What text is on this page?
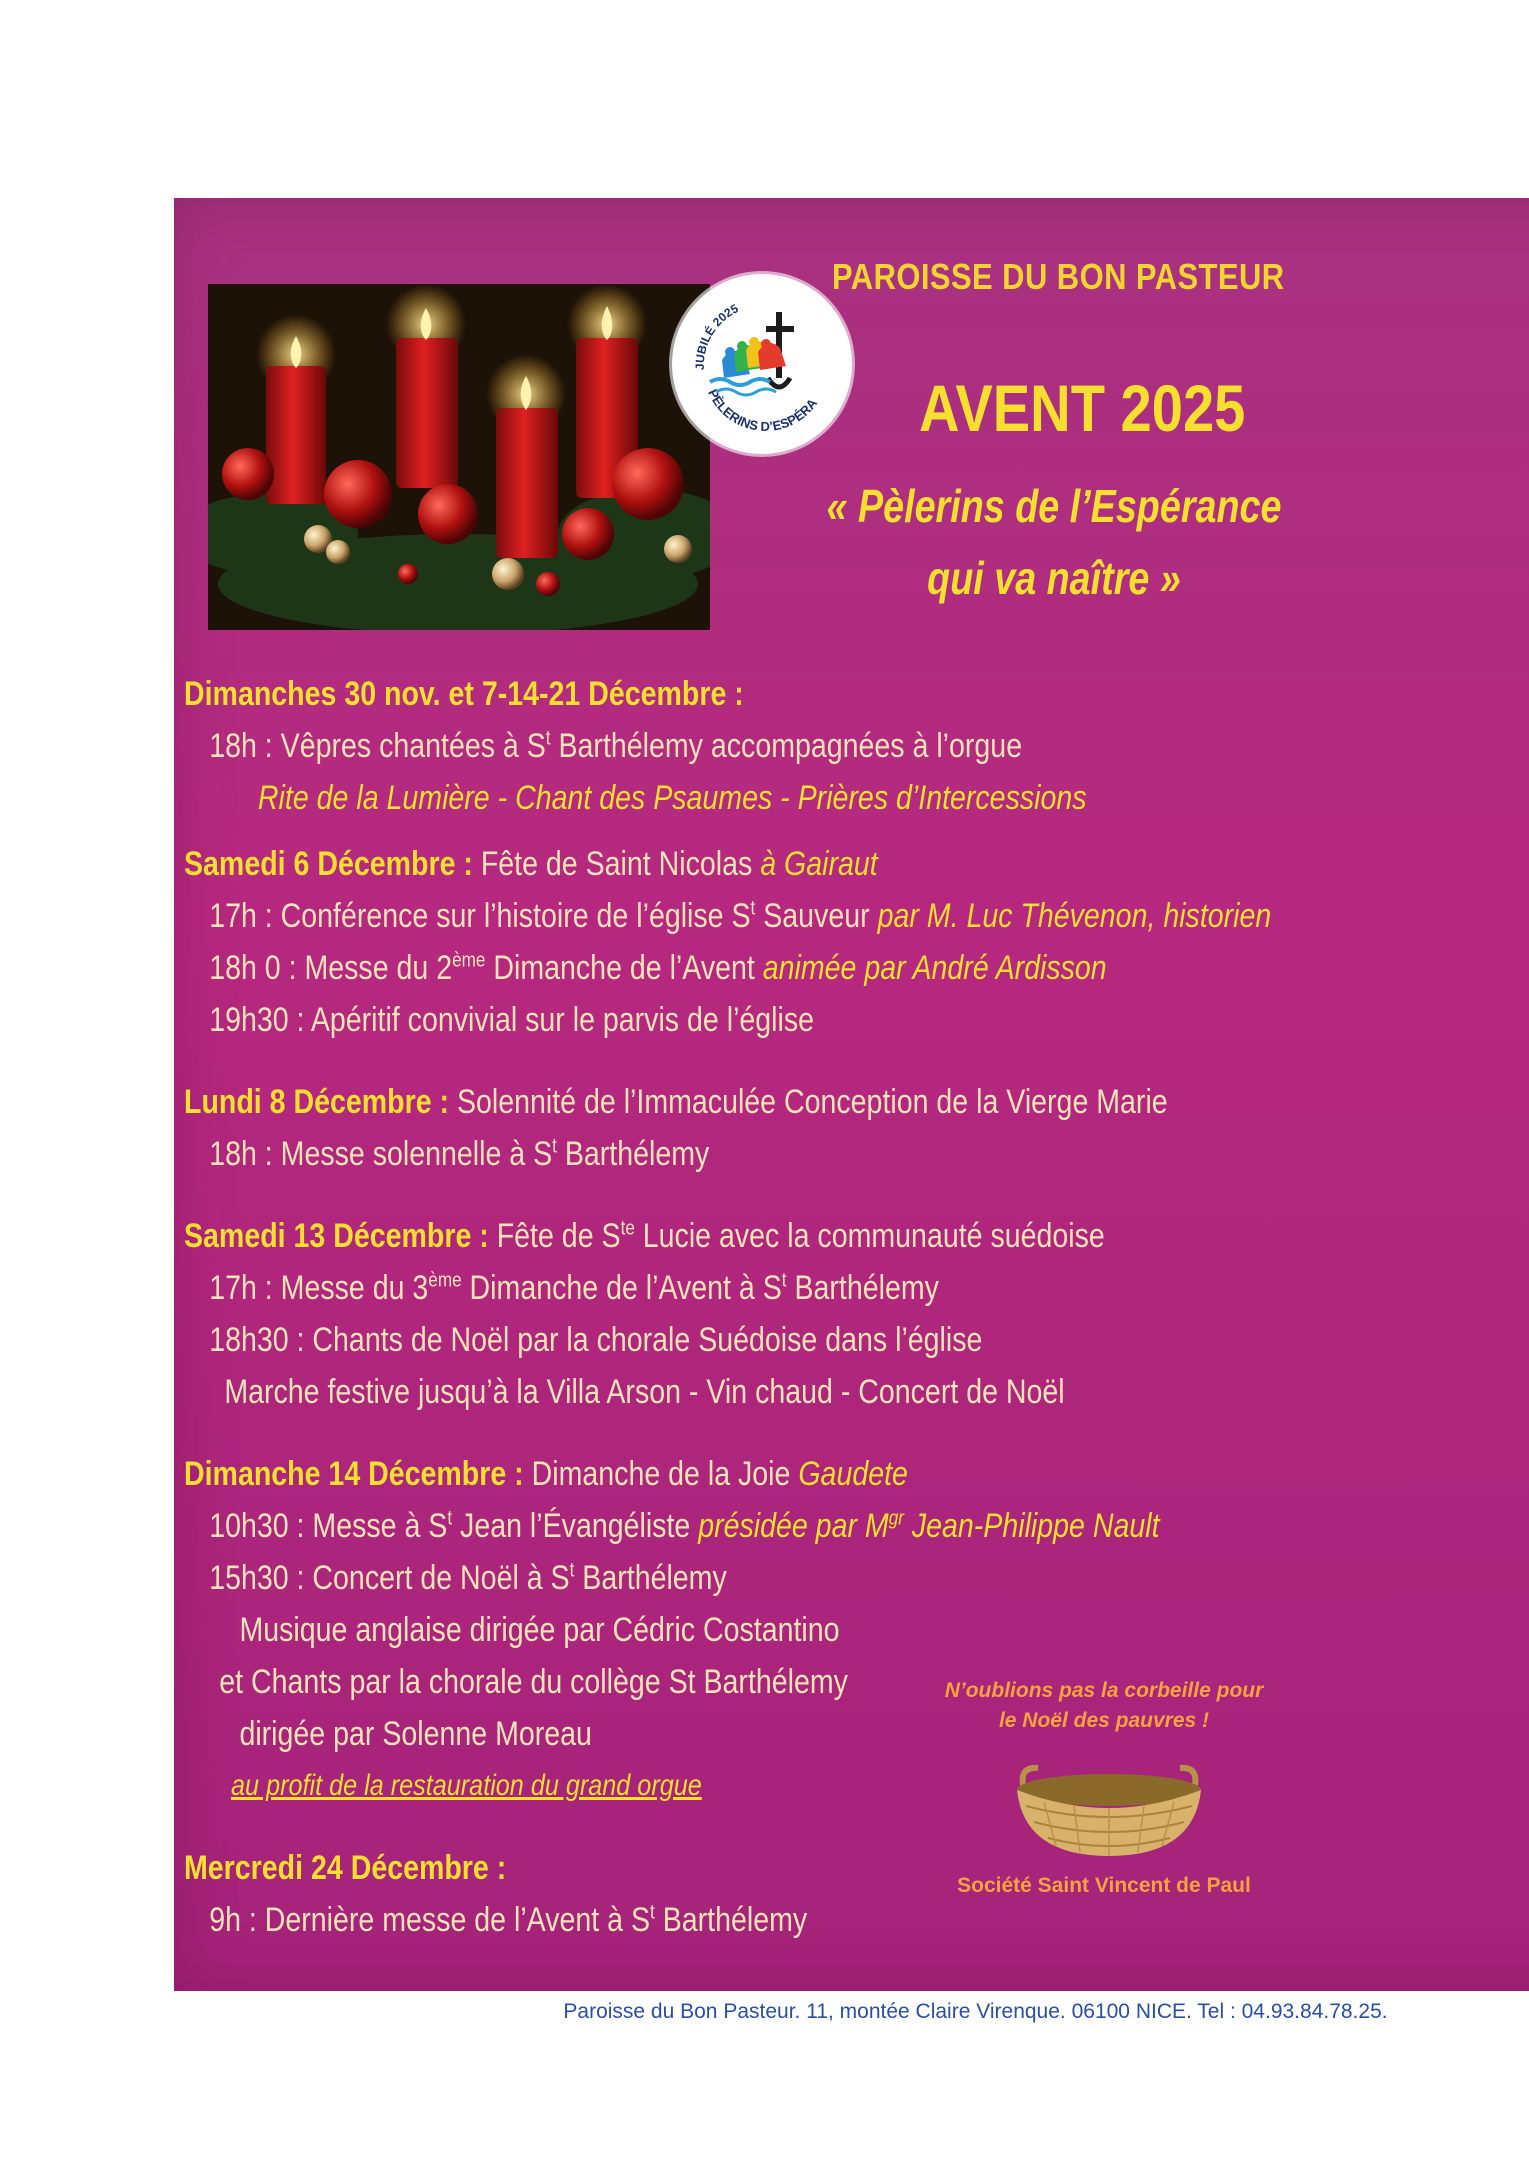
JUBILÉ 2025
PÈLERINS D’ESPÉRA
PAROISSE DU BON PASTEUR
AVENT 2025
« Pèlerins de l’Espérance
qui va naître »
Dimanches 30 nov. et 7-14-21 Décembre :
18h : Vêpres chantées à $S^t$ Barthélemy accompagnées à l’orgue
Rite de la Lumière - Chant des Psaumes - Prières d’Intercessions
Samedi 6 Décembre : Fête de Saint Nicolas à Gairaut
17h : Conférence sur l’histoire de l’église $S^t$ Sauveur par M. Luc Thévenon, historien
18h 0 : Messe du 2ème Dimanche de l’Avent animée par André Ardisson
19h30 : Apéritif convivial sur le parvis de l’église
Lundi 8 Décembre : Solennité de l’Immaculée Conception de la Vierge Marie
18h : Messe solennelle à $S^t$ Barthélemy
Samedi 13 Décembre : Fête de $S^{te}$ Lucie avec la communauté suédoise
17h : Messe du 3ème Dimanche de l’Avent à $S^t$ Barthélemy
18h30 : Chants de Noël par la chorale Suédoise dans l’église
Marche festive jusqu’à la Villa Arson - Vin chaud - Concert de Noël
Dimanche 14 Décembre : Dimanche de la Joie Gaudete
10h30 : Messe à $S^t$ Jean l’Évangéliste présidée par $M^{gr}$ Jean-Philippe Nault
15h30 : Concert de Noël à $S^t$ Barthélemy
Musique anglaise dirigée par Cédric Costantino
et Chants par la chorale du collège St Barthélemy
dirigée par Solenne Moreau
au profit de la restauration du grand orgue
Mercredi 24 Décembre :
9h : Dernière messe de l’Avent à $S^t$ Barthélemy
N’oublions pas la corbeille pour
le Noël des pauvres !
Société Saint Vincent de Paul
Paroisse du Bon Pasteur. 11, montée Claire Virenque. 06100 NICE. Tel : 04.93.84.78.25.
